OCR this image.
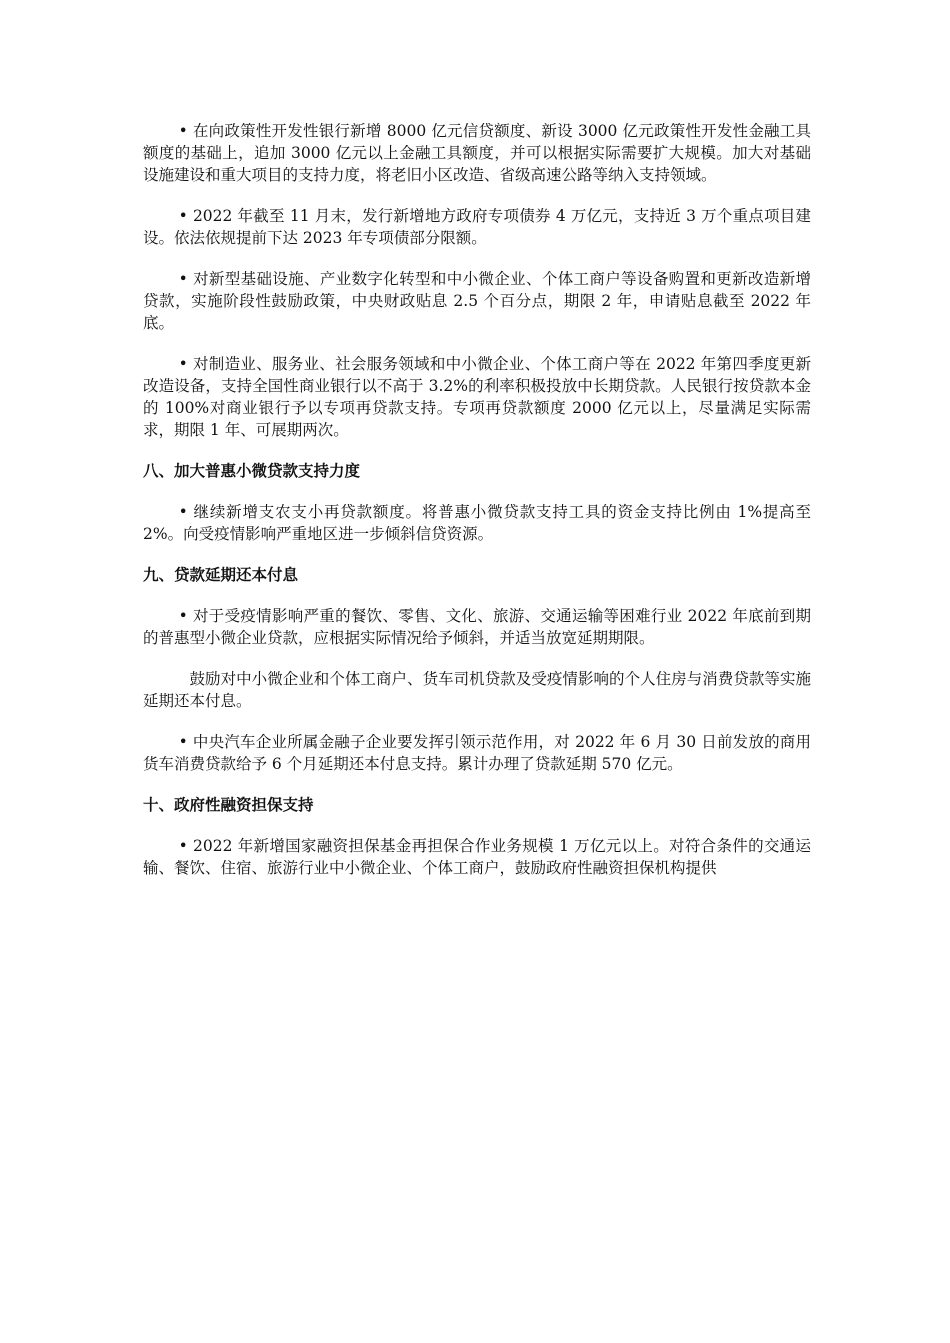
• 在向政策性开发性银行新增 8000 亿元信贷额度、新设 3000 亿元政策性开发性金融工具额度的基础上，追加 3000 亿元以上金融工具额度，并可以根据实际需要扩大规模。加大对基础设施建设和重大项目的支持力度，将老旧小区改造、省级高速公路等纳入支持领域。

• 2022 年截至 11 月末，发行新增地方政府专项债券 4 万亿元，支持近 3 万个重点项目建设。依法依规提前下达 2023 年专项债部分限额。

• 对新型基础设施、产业数字化转型和中小微企业、个体工商户等设备购置和更新改造新增贷款，实施阶段性鼓励政策，中央财政贴息 2.5 个百分点，期限 2 年，申请贴息截至 2022 年底。

• 对制造业、服务业、社会服务领域和中小微企业、个体工商户等在 2022 年第四季度更新改造设备，支持全国性商业银行以不高于 3.2%的利率积极投放中长期贷款。人民银行按贷款本金的 100%对商业银行予以专项再贷款支持。专项再贷款额度 2000 亿元以上，尽量满足实际需求，期限 1 年、可展期两次。

八、加大普惠小微贷款支持力度

• 继续新增支农支小再贷款额度。将普惠小微贷款支持工具的资金支持比例由 1%提高至 2%。向受疫情影响严重地区进一步倾斜信贷资源。

九、贷款延期还本付息

• 对于受疫情影响严重的餐饮、零售、文化、旅游、交通运输等困难行业 2022 年底前到期的普惠型小微企业贷款，应根据实际情况给予倾斜，并适当放宽延期期限。

鼓励对中小微企业和个体工商户、货车司机贷款及受疫情影响的个人住房与消费贷款等实施延期还本付息。

• 中央汽车企业所属金融子企业要发挥引领示范作用，对 2022 年 6 月 30 日前发放的商用货车消费贷款给予 6 个月延期还本付息支持。累计办理了贷款延期 570 亿元。

十、政府性融资担保支持

• 2022 年新增国家融资担保基金再担保合作业务规模 1 万亿元以上。对符合条件的交通运输、餐饮、住宿、旅游行业中小微企业、个体工商户，鼓励政府性融资担保机构提供
